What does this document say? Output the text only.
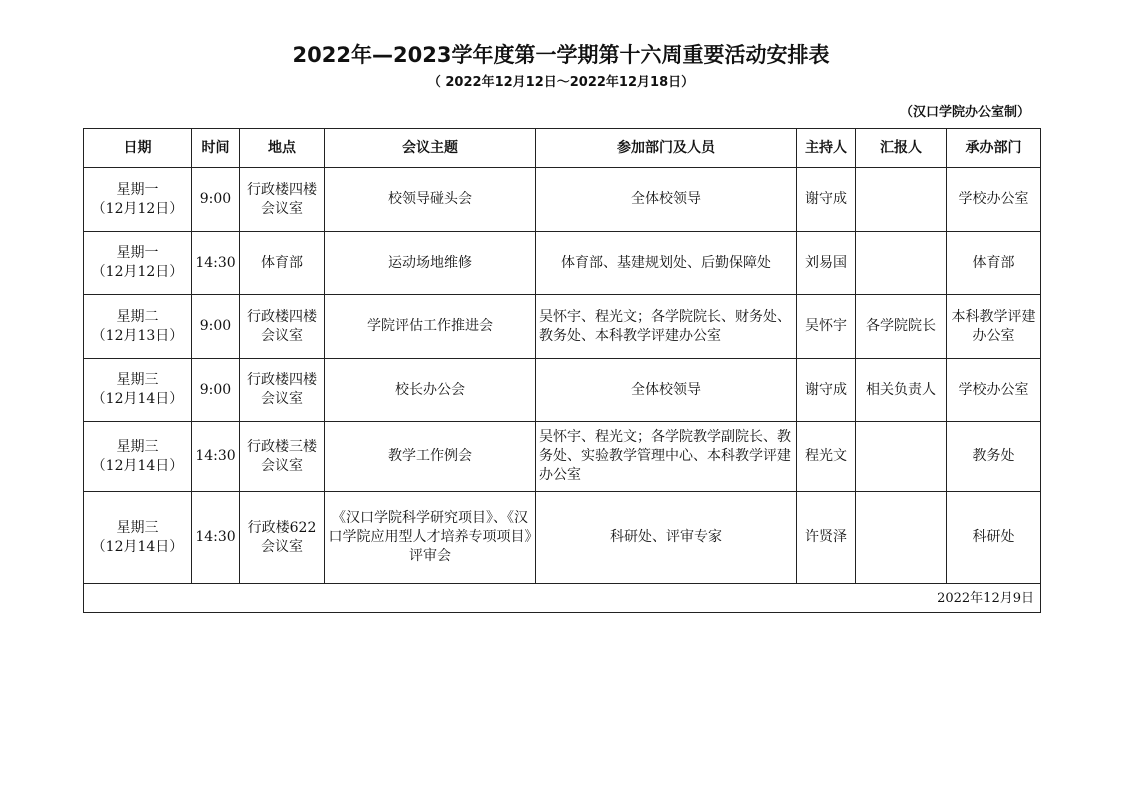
2022年—2023学年度第一学期第十六周重要活动安排表
（ 2022年12月12日～2022年12月18日）
（汉口学院办公室制）
日期	时间	地点	会议主题	参加部门及人员	主持人	汇报人	承办部门

星期一
（12月12日）	9:00	行政楼四楼会议室	校领导碰头会	全体校领导	谢守成		学校办公室

星期一
（12月12日）	14:30	体育部	运动场地维修	体育部、基建规划处、后勤保障处	刘易国		体育部

星期二
（12月13日）	9:00	行政楼四楼会议室	学院评估工作推进会	吴怀宇、程光文；各学院院长、财务处、教务处、本科教学评建办公室	吴怀宇	各学院院长	本科教学评建办公室

星期三
（12月14日）	9:00	行政楼四楼会议室	校长办公会	全体校领导	谢守成	相关负责人	学校办公室

星期三
（12月14日）	14:30	行政楼三楼会议室	教学工作例会	吴怀宇、程光文；各学院教学副院长、教务处、实验教学管理中心、本科教学评建办公室	程光文		教务处

星期三
（12月14日）	14:30	行政楼622会议室	《汉口学院科学研究项目》、《汉口学院应用型人才培养专项项目》评审会	科研处、评审专家	许贤泽		科研处
2022年12月9日							
